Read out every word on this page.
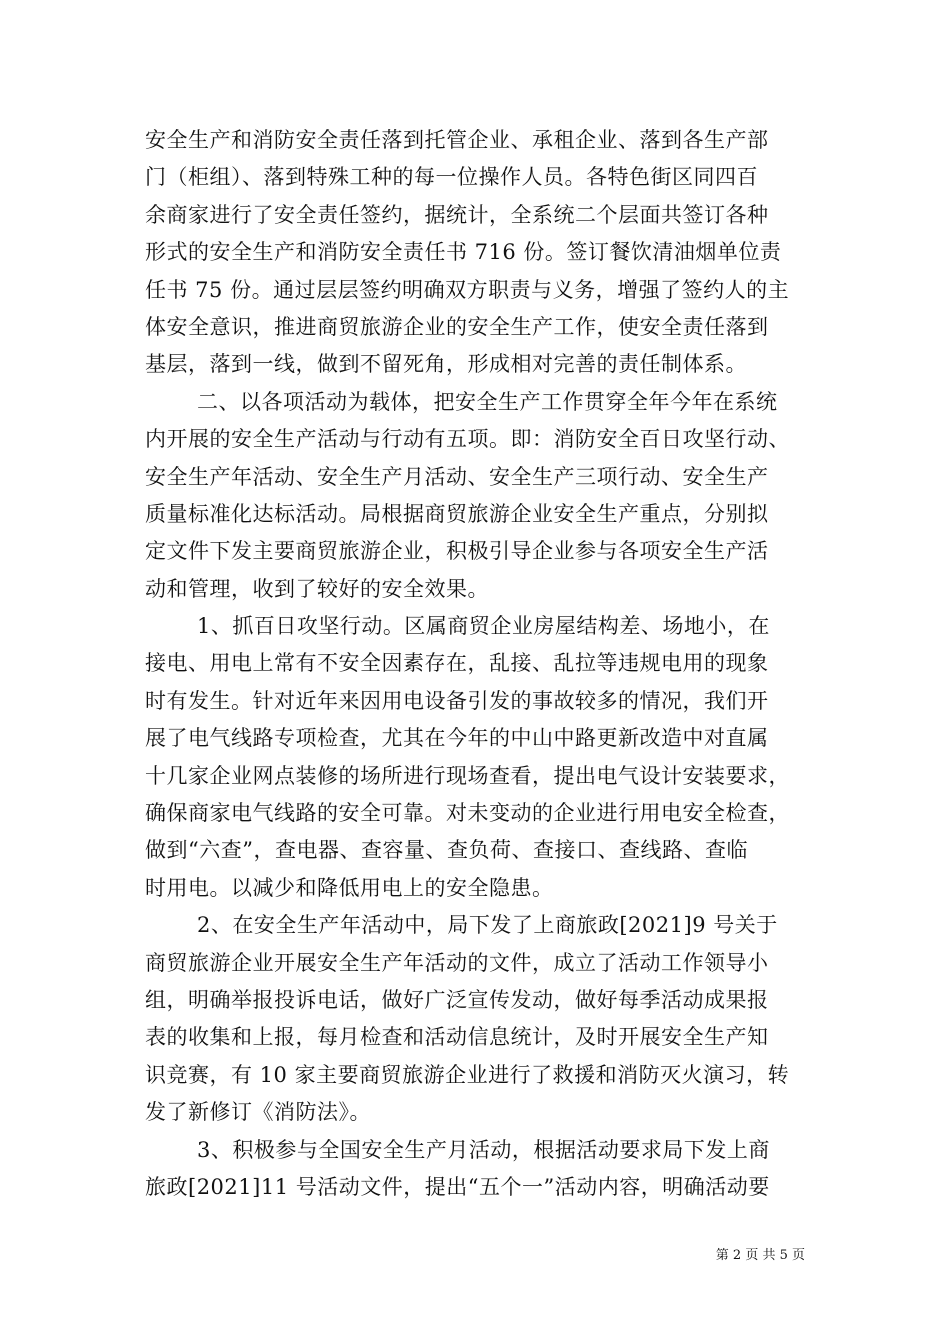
安全生产和消防安全责任落到托管企业、承租企业、落到各生产部
门（柜组）、落到特殊工种的每一位操作人员。各特色街区同四百
余商家进行了安全责任签约，据统计，全系统二个层面共签订各种
形式的安全生产和消防安全责任书 716 份。签订餐饮清油烟单位责
任书 75 份。通过层层签约明确双方职责与义务，增强了签约人的主
体安全意识，推进商贸旅游企业的安全生产工作，使安全责任落到
基层，落到一线，做到不留死角，形成相对完善的责任制体系。
二、以各项活动为载体，把安全生产工作贯穿全年今年在系统
内开展的安全生产活动与行动有五项。即：消防安全百日攻坚行动、
安全生产年活动、安全生产月活动、安全生产三项行动、安全生产
质量标准化达标活动。局根据商贸旅游企业安全生产重点，分别拟
定文件下发主要商贸旅游企业，积极引导企业参与各项安全生产活
动和管理，收到了较好的安全效果。
1、抓百日攻坚行动。区属商贸企业房屋结构差、场地小，在
接电、用电上常有不安全因素存在，乱接、乱拉等违规电用的现象
时有发生。针对近年来因用电设备引发的事故较多的情况，我们开
展了电气线路专项检查，尤其在今年的中山中路更新改造中对直属
十几家企业网点装修的场所进行现场查看，提出电气设计安装要求，
确保商家电气线路的安全可靠。对未变动的企业进行用电安全检查，
做到“六查”，查电器、查容量、查负荷、查接口、查线路、查临
时用电。以减少和降低用电上的安全隐患。
2、在安全生产年活动中，局下发了上商旅政[2021]9 号关于
商贸旅游企业开展安全生产年活动的文件，成立了活动工作领导小
组，明确举报投诉电话，做好广泛宣传发动，做好每季活动成果报
表的收集和上报，每月检查和活动信息统计，及时开展安全生产知
识竞赛，有 10 家主要商贸旅游企业进行了救援和消防灭火演习，转
发了新修订《消防法》。
3、积极参与全国安全生产月活动，根据活动要求局下发上商
旅政[2021]11 号活动文件，提出“五个一”活动内容，明确活动要
第 2 页 共 5 页
